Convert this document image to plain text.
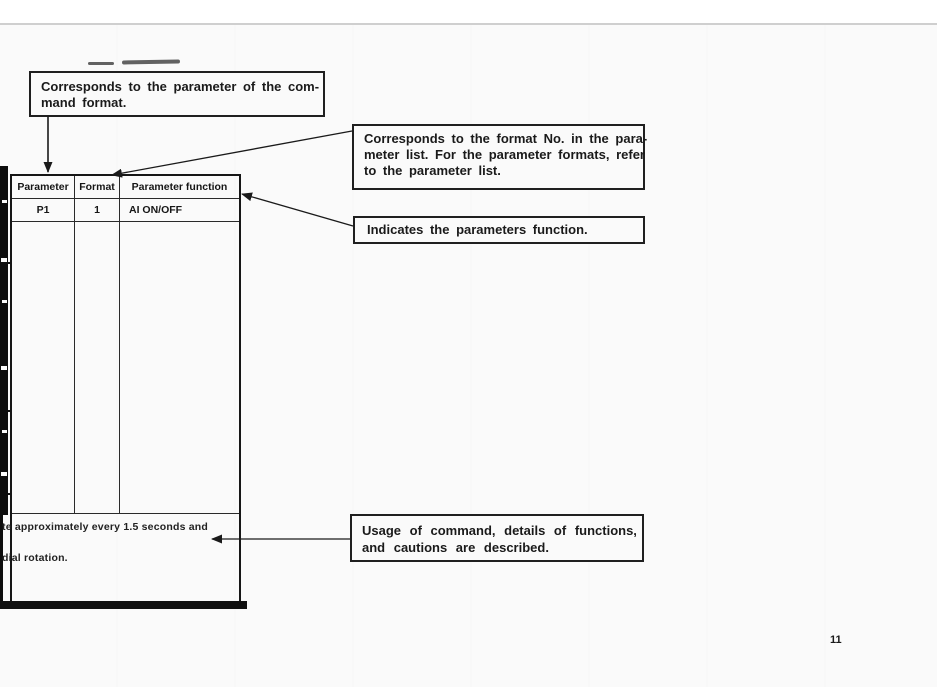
Parameter	Format	Parameter function
P1	1	AI ON/OFF
te approximately every 1.5 seconds and
dial rotation.
Corresponds to the parameter of the com-
mand format.
Corresponds to the format No. in the para-
meter list. For the parameter formats, refer
to the parameter list.
Indicates the parameters function.
Usage of command, details of functions,
and cautions are described.
11
